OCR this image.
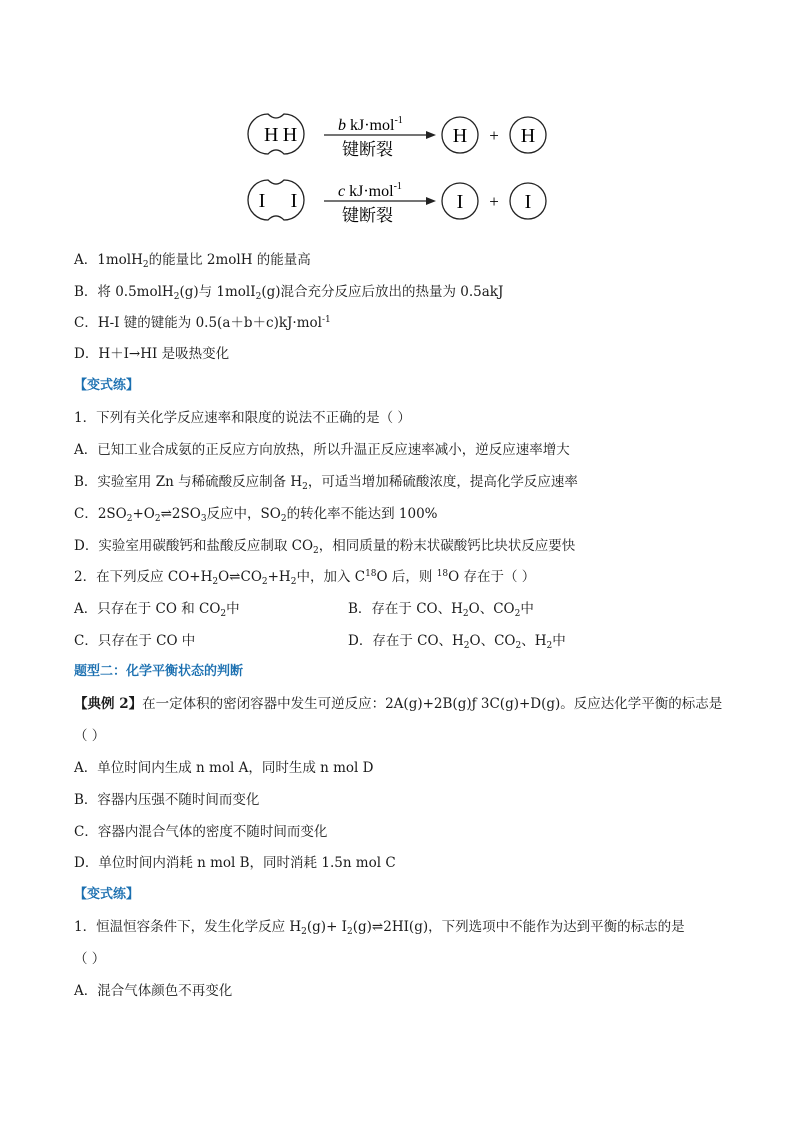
H H	b kJ·mol$^{-1}$
键断裂
H + H
I I	c kJ·mol$^{-1}$
键断裂
I + I
A．1molH$_2$的能量比 2molH 的能量高
B．将 0.5molH$_2$(g)与 1molI$_2$(g)混合充分反应后放出的热量为 0.5akJ
C．H-I 键的键能为 0.5(a＋b＋c)kJ·mol$^{-1}$
D．H＋I→HI 是吸热变化
【变式练】
1．下列有关化学反应速率和限度的说法不正确的是（ ）
A．已知工业合成氨的正反应方向放热，所以升温正反应速率减小，逆反应速率增大
B．实验室用 Zn 与稀硫酸反应制备 $H_2$，可适当增加稀硫酸浓度，提高化学反应速率
C．$2SO_2+O_2\rightleftharpoons 2SO_3$反应中，$SO_2$的转化率不能达到 100%
D．实验室用碳酸钙和盐酸反应制取 $CO_2$，相同质量的粉末状碳酸钙比块状反应要快
2．在下列反应 $CO+H_2O\rightleftharpoons CO_2+H_2$中，加入 $C^{18}O$ 后，则 $^{18}$O 存在于（ ）
A．只存在于 CO 和 $CO_2$中	B．存在于 CO、$H_2O$、$CO_2$中
C．只存在于 CO 中	D．存在于 CO、$H_2O$、$CO_2$、$H_2$中
题型二：化学平衡状态的判断
【典例 2】在一定体积的密闭容器中发生可逆反应：2A(g)+2B(g)ƒ 3C(g)+D(g)。反应达化学平衡的标志是
（ ）
A．单位时间内生成 n mol A，同时生成 n mol D
B．容器内压强不随时间而变化
C．容器内混合气体的密度不随时间而变化
D．单位时间内消耗 n mol B，同时消耗 1.5n mol C
【变式练】
1．恒温恒容条件下，发生化学反应 $H_2(g)+$ $I_2(g)\rightleftharpoons 2HI(g)$，下列选项中不能作为达到平衡的标志的是
（ ）
A．混合气体颜色不再变化
